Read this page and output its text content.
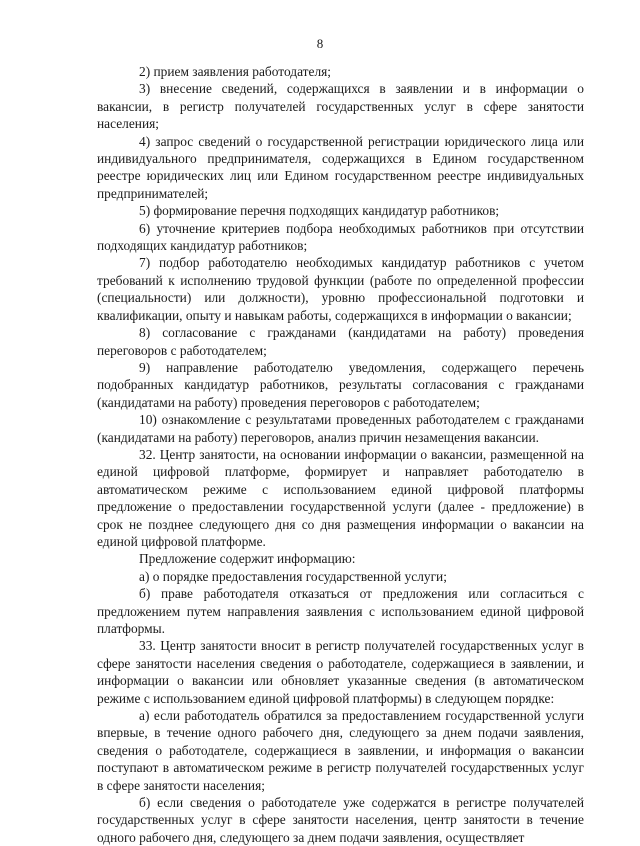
8

2) прием заявления работодателя;

3) внесение сведений, содержащихся в заявлении и в информации о вакансии, в регистр получателей государственных услуг в сфере занятости населения;

4) запрос сведений о государственной регистрации юридического лица или индивидуального предпринимателя, содержащихся в Едином государственном реестре юридических лиц или Едином государственном реестре индивидуальных предпринимателей;

5) формирование перечня подходящих кандидатур работников;

6) уточнение критериев подбора необходимых работников при отсутствии подходящих кандидатур работников;

7) подбор работодателю необходимых кандидатур работников с учетом требований к исполнению трудовой функции (работе по определенной профессии (специальности) или должности), уровню профессиональной подготовки и квалификации, опыту и навыкам работы, содержащихся в информации о вакансии;

8) согласование с гражданами (кандидатами на работу) проведения переговоров с работодателем;

9) направление работодателю уведомления, содержащего перечень подобранных кандидатур работников, результаты согласования с гражданами (кандидатами на работу) проведения переговоров с работодателем;

10) ознакомление с результатами проведенных работодателем с гражданами (кандидатами на работу) переговоров, анализ причин незамещения вакансии.

32. Центр занятости, на основании информации о вакансии, размещенной на единой цифровой платформе, формирует и направляет работодателю в автоматическом режиме с использованием единой цифровой платформы предложение о предоставлении государственной услуги (далее - предложение) в срок не позднее следующего дня со дня размещения информации о вакансии на единой цифровой платформе.

Предложение содержит информацию:

а) о порядке предоставления государственной услуги;

б) праве работодателя отказаться от предложения или согласиться с предложением путем направления заявления с использованием единой цифровой платформы.

33. Центр занятости вносит в регистр получателей государственных услуг в сфере занятости населения сведения о работодателе, содержащиеся в заявлении, и информации о вакансии или обновляет указанные сведения (в автоматическом режиме с использованием единой цифровой платформы) в следующем порядке:

а) если работодатель обратился за предоставлением государственной услуги впервые, в течение одного рабочего дня, следующего за днем подачи заявления, сведения о работодателе, содержащиеся в заявлении, и информация о вакансии поступают в автоматическом режиме в регистр получателей государственных услуг в сфере занятости населения;

б) если сведения о работодателе уже содержатся в регистре получателей государственных услуг в сфере занятости населения, центр занятости в течение одного рабочего дня, следующего за днем подачи заявления, осуществляет
